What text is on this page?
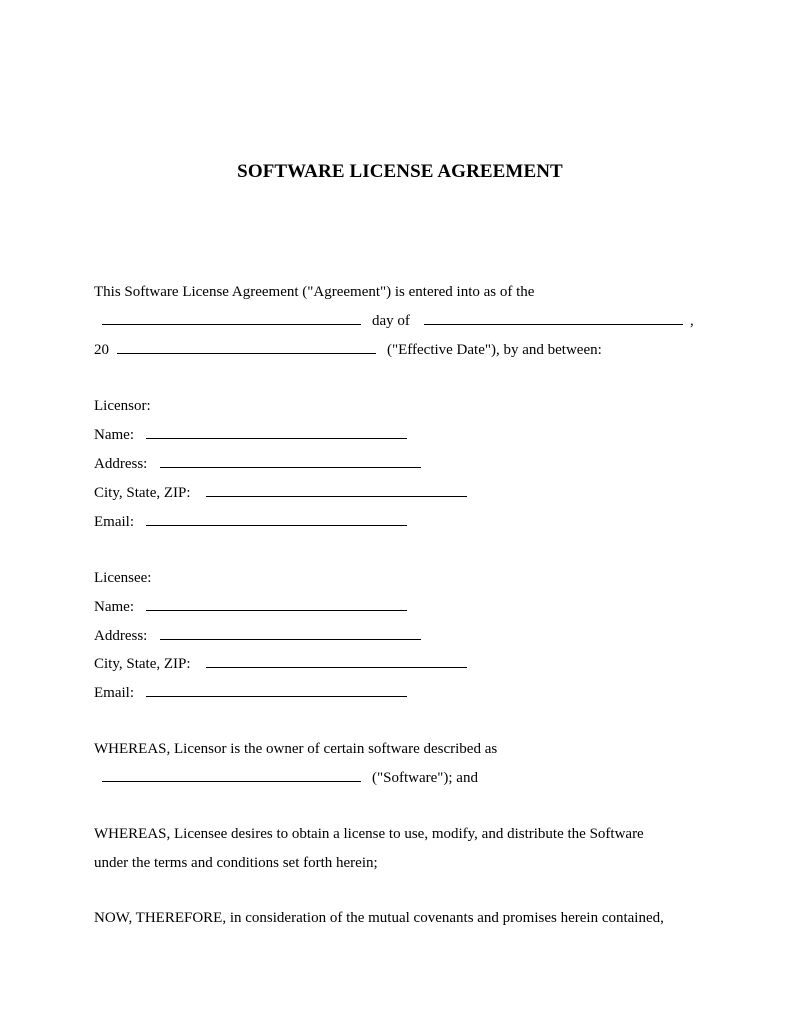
SOFTWARE LICENSE AGREEMENT
This Software License Agreement ("Agreement") is entered into as of the
day of	,
20	("Effective Date"), by and between:
Licensor:
Name:
Address:
City, State, ZIP:
Email:
Licensee:
Name:
Address:
City, State, ZIP:
Email:
WHEREAS, Licensor is the owner of certain software described as
("Software"); and
WHEREAS, Licensee desires to obtain a license to use, modify, and distribute the Software
under the terms and conditions set forth herein;
NOW, THEREFORE, in consideration of the mutual covenants and promises herein contained,
